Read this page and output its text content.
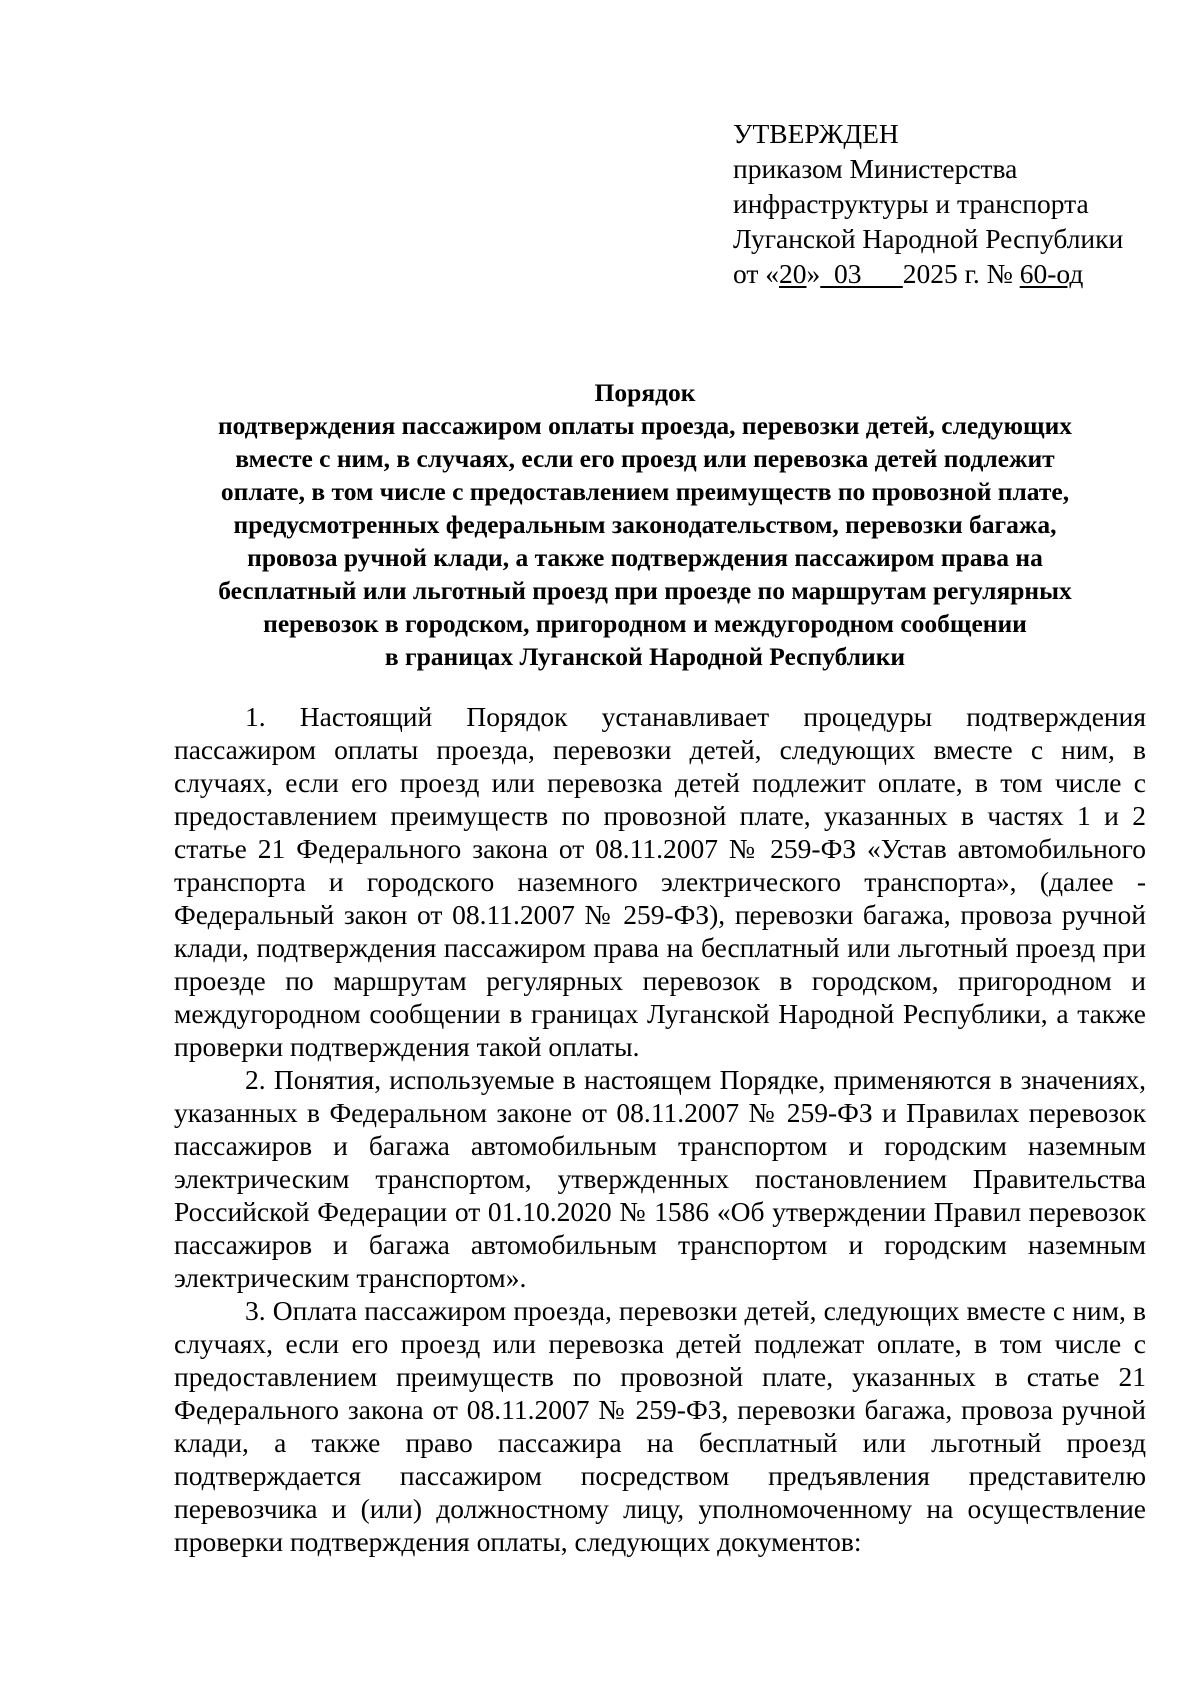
УТВЕРЖДЕН
приказом Министерства
инфраструктуры и транспорта
Луганской Народной Республики
от «20» 03 2025 г. № 60-од
Порядок
подтверждения пассажиром оплаты проезда, перевозки детей, следующих
вместе с ним, в случаях, если его проезд или перевозка детей подлежит
оплате, в том числе с предоставлением преимуществ по провозной плате,
предусмотренных федеральным законодательством, перевозки багажа,
провоза ручной клади, а также подтверждения пассажиром права на
бесплатный или льготный проезд при проезде по маршрутам регулярных
перевозок в городском, пригородном и междугородном сообщении
в границах Луганской Народной Республики

1. Настоящий Порядок устанавливает процедуры подтверждения пассажиром оплаты проезда, перевозки детей, следующих вместе с ним, в случаях, если его проезд или перевозка детей подлежит оплате, в том числе с предоставлением преимуществ по провозной плате, указанных в частях 1 и 2 статье 21 Федерального закона от 08.11.2007 № 259-ФЗ «Устав автомобильного транспорта и городского наземного электрического транспорта», (далее - Федеральный закон от 08.11.2007 № 259-ФЗ), перевозки багажа, провоза ручной клади, подтверждения пассажиром права на бесплатный или льготный проезд при проезде по маршрутам регулярных перевозок в городском, пригородном и междугородном сообщении в границах Луганской Народной Республики, а также проверки подтверждения такой оплаты.

2. Понятия, используемые в настоящем Порядке, применяются в значениях, указанных в Федеральном законе от 08.11.2007 № 259-ФЗ и Правилах перевозок пассажиров и багажа автомобильным транспортом и городским наземным электрическим транспортом, утвержденных постановлением Правительства Российской Федерации от 01.10.2020 № 1586 «Об утверждении Правил перевозок пассажиров и багажа автомобильным транспортом и городским наземным электрическим транспортом».

3. Оплата пассажиром проезда, перевозки детей, следующих вместе с ним, в случаях, если его проезд или перевозка детей подлежат оплате, в том числе с предоставлением преимуществ по провозной плате, указанных в статье 21 Федерального закона от 08.11.2007 № 259-ФЗ, перевозки багажа, провоза ручной клади, а также право пассажира на бесплатный или льготный проезд подтверждается пассажиром посредством предъявления представителю перевозчика и (или) должностному лицу, уполномоченному на осуществление проверки подтверждения оплаты, следующих документов:
